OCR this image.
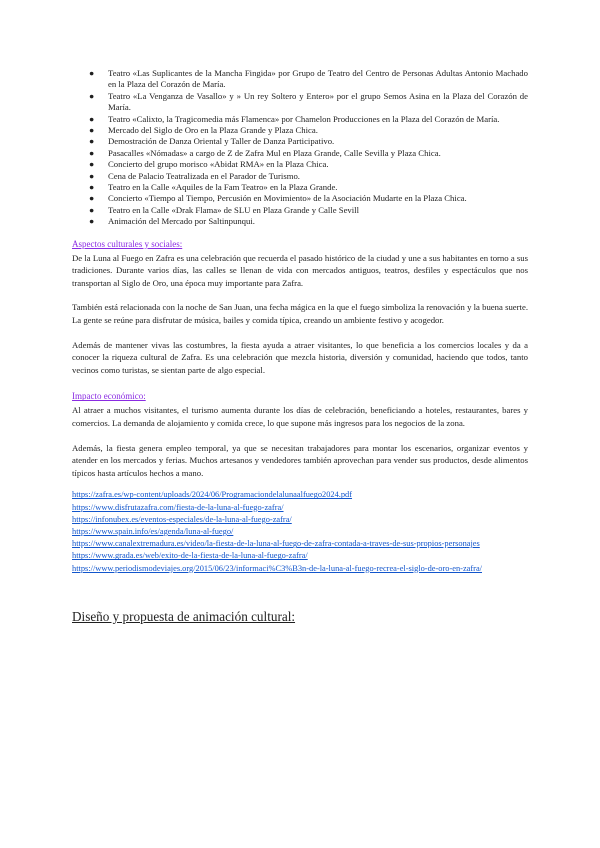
● Teatro «Las Suplicantes de la Mancha Fingida» por Grupo de Teatro del Centro de Personas Adultas Antonio Machado en la Plaza del Corazón de María.
● Teatro «La Venganza de Vasallo» y » Un rey Soltero y Entero» por el grupo Semos Asina en la Plaza del Corazón de María.
● Teatro «Calixto, la Tragicomedia más Flamenca» por Chamelon Producciones en la Plaza del Corazón de María.
● Mercado del Siglo de Oro en la Plaza Grande y Plaza Chica.
● Demostración de Danza Oriental y Taller de Danza Participativo.
● Pasacalles «Nómadas» a cargo de Z de Zafra Mul en Plaza Grande, Calle Sevilla y Plaza Chica.
● Concierto del grupo morisco «Abidat RMA» en la Plaza Chica.
● Cena de Palacio Teatralizada en el Parador de Turismo.
● Teatro en la Calle «Aquiles de la Fam Teatro» en la Plaza Grande.
● Concierto «Tiempo al Tiempo, Percusión en Movimiento» de la Asociación Mudarte en la Plaza Chica.
● Teatro en la Calle «Drak Flama» de SLU en Plaza Grande y Calle Sevill
● Animación del Mercado por Saltinpunqui.
Aspectos culturales y sociales:

De la Luna al Fuego en Zafra es una celebración que recuerda el pasado histórico de la ciudad y une a sus habitantes en torno a sus tradiciones. Durante varios días, las calles se llenan de vida con mercados antiguos, teatros, desfiles y espectáculos que nos transportan al Siglo de Oro, una época muy importante para Zafra.

También está relacionada con la noche de San Juan, una fecha mágica en la que el fuego simboliza la renovación y la buena suerte. La gente se reúne para disfrutar de música, bailes y comida típica, creando un ambiente festivo y acogedor.

Además de mantener vivas las costumbres, la fiesta ayuda a atraer visitantes, lo que beneficia a los comercios locales y da a conocer la riqueza cultural de Zafra. Es una celebración que mezcla historia, diversión y comunidad, haciendo que todos, tanto vecinos como turistas, se sientan parte de algo especial.

Impacto económico:

Al atraer a muchos visitantes, el turismo aumenta durante los días de celebración, beneficiando a hoteles, restaurantes, bares y comercios. La demanda de alojamiento y comida crece, lo que supone más ingresos para los negocios de la zona.

Además, la fiesta genera empleo temporal, ya que se necesitan trabajadores para montar los escenarios, organizar eventos y atender en los mercados y ferias. Muchos artesanos y vendedores también aprovechan para vender sus productos, desde alimentos típicos hasta artículos hechos a mano.

https://zafra.es/wp-content/uploads/2024/06/Programaciondelalunaalfuego2024.pdf
https://www.disfrutazafra.com/fiesta-de-la-luna-al-fuego-zafra/
https://infonubex.es/eventos-especiales/de-la-luna-al-fuego-zafra/
https://www.spain.info/es/agenda/luna-al-fuego/
https://www.canalextremadura.es/video/la-fiesta-de-la-luna-al-fuego-de-zafra-contada-a-traves-de-sus-propios-personajes
https://www.grada.es/web/exito-de-la-fiesta-de-la-luna-al-fuego-zafra/
https://www.periodismodeviajes.org/2015/06/23/informaci%C3%B3n-de-la-luna-al-fuego-recrea-el-siglo-de-oro-en-zafra/
Diseño y propuesta de animación cultural:
